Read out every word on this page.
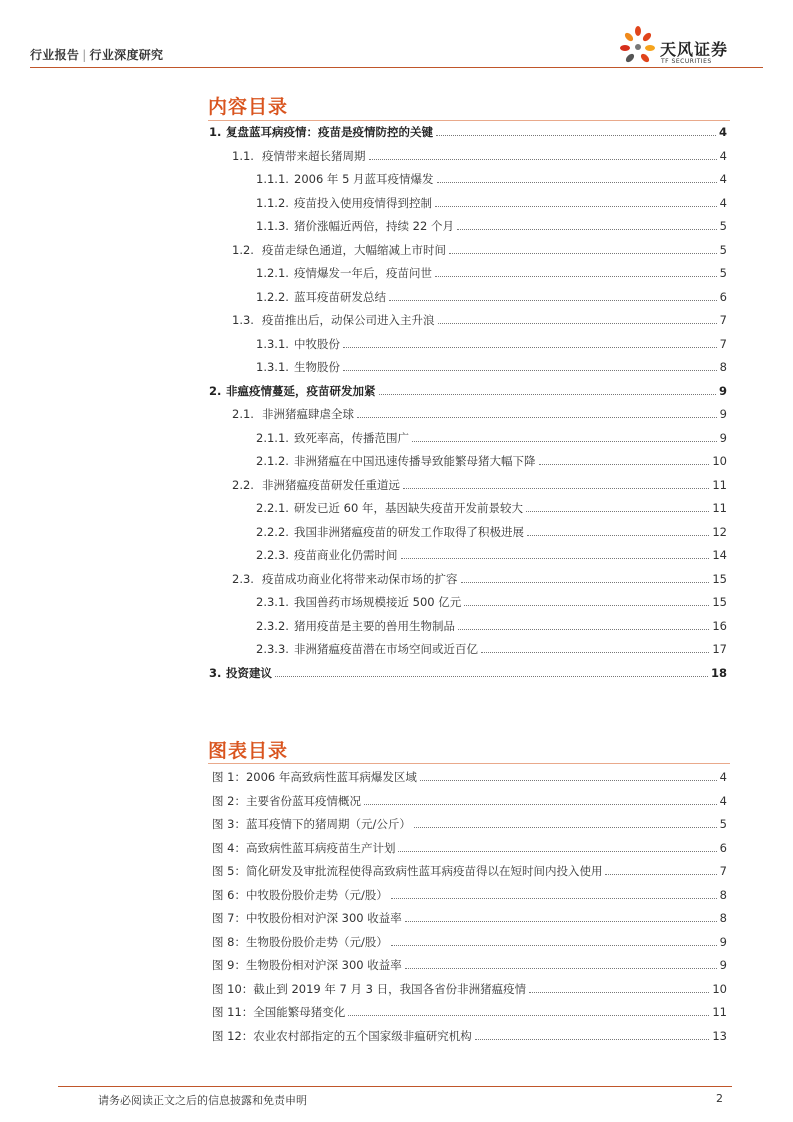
行业报告 | 行业深度研究	天风证券
TF SECURITIES
内容目录
1. 复盘蓝耳病疫情：疫苗是疫情防控的关键	4
1.1. 疫情带来超长猪周期	4
1.1.1. 2006 年 5 月蓝耳疫情爆发	4
1.1.2. 疫苗投入使用疫情得到控制	4
1.1.3. 猪价涨幅近两倍，持续 22 个月	5
1.2. 疫苗走绿色通道，大幅缩减上市时间	5
1.2.1. 疫情爆发一年后，疫苗问世	5
1.2.2. 蓝耳疫苗研发总结	6
1.3. 疫苗推出后，动保公司进入主升浪	7
1.3.1. 中牧股份	7
1.3.1. 生物股份	8
2. 非瘟疫情蔓延，疫苗研发加紧	9
2.1. 非洲猪瘟肆虐全球	9
2.1.1. 致死率高，传播范围广	9
2.1.2. 非洲猪瘟在中国迅速传播导致能繁母猪大幅下降	10
2.2. 非洲猪瘟疫苗研发任重道远	11
2.2.1. 研发已近 60 年，基因缺失疫苗开发前景较大	11
2.2.2. 我国非洲猪瘟疫苗的研发工作取得了积极进展	12
2.2.3. 疫苗商业化仍需时间	14
2.3. 疫苗成功商业化将带来动保市场的扩容	15
2.3.1. 我国兽药市场规模接近 500 亿元	15
2.3.2. 猪用疫苗是主要的兽用生物制品	16
2.3.3. 非洲猪瘟疫苗潜在市场空间或近百亿	17
3. 投资建议	18
图表目录
图 1：2006 年高致病性蓝耳病爆发区域	4
图 2：主要省份蓝耳疫情概况	4
图 3：蓝耳疫情下的猪周期（元/公斤）	5
图 4：高致病性蓝耳病疫苗生产计划	6
图 5：简化研发及审批流程使得高致病性蓝耳病疫苗得以在短时间内投入使用	7
图 6：中牧股份股价走势（元/股）	8
图 7：中牧股份相对沪深 300 收益率	8
图 8：生物股份股价走势（元/股）	9
图 9：生物股份相对沪深 300 收益率	9
图 10：截止到 2019 年 7 月 3 日，我国各省份非洲猪瘟疫情	10
图 11：全国能繁母猪变化	11
图 12：农业农村部指定的五个国家级非瘟研究机构	13
请务必阅读正文之后的信息披露和免责申明	2
